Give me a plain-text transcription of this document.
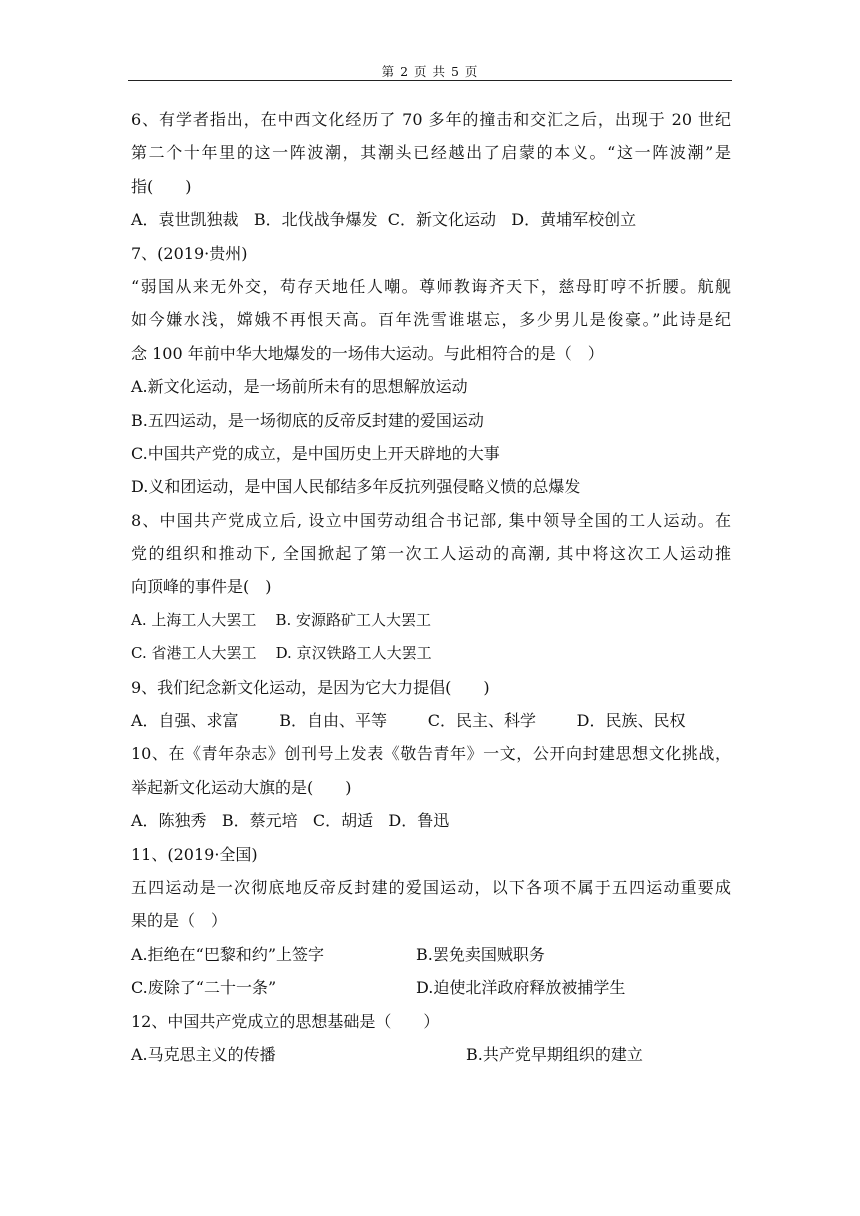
第 2 页 共 5 页
6、有学者指出，在中西文化经历了 70 多年的撞击和交汇之后，出现于 20 世纪
第二个十年里的这一阵波潮，其潮头已经越出了启蒙的本义。“这一阵波潮”是
指(　　)
A．袁世凯独裁 B．北伐战争爆发 C．新文化运动 D．黄埔军校创立
7、(2019·贵州)
“弱国从来无外交，苟存天地任人嘲。尊师教诲齐天下，慈母盯哼不折腰。航舰
如今嫌水浅，嫦娥不再恨天高。百年洗雪谁堪忘，多少男儿是俊豪。”此诗是纪
念 100 年前中华大地爆发的一场伟大运动。与此相符合的是（　）
A.新文化运动，是一场前所未有的思想解放运动
B.五四运动，是一场彻底的反帝反封建的爱国运动
C.中国共产党的成立，是中国历史上开天辟地的大事
D.义和团运动，是中国人民郁结多年反抗列强侵略义愤的总爆发
8、中国共产党成立后, 设立中国劳动组合书记部, 集中领导全国的工人运动。在
党的组织和推动下, 全国掀起了第一次工人运动的高潮, 其中将这次工人运动推
向顶峰的事件是(　)
A. 上海工人大罢工 B. 安源路矿工人大罢工
C. 省港工人大罢工 D. 京汉铁路工人大罢工
9、我们纪念新文化运动，是因为它大力提倡(　　)
A．自强、求富	B．自由、平等	C．民主、科学	D．民族、民权
10、在《青年杂志》创刊号上发表《敬告青年》一文，公开向封建思想文化挑战，
举起新文化运动大旗的是(　　)
A．陈独秀 B．蔡元培 C．胡适 D．鲁迅
11、(2019·全国)
五四运动是一次彻底地反帝反封建的爱国运动，以下各项不属于五四运动重要成
果的是（　）
A.拒绝在“巴黎和约”上签字	B.罢免卖国贼职务
C.废除了“二十一条”	D.迫使北洋政府释放被捕学生
12、中国共产党成立的思想基础是（　　）
A.马克思主义的传播	B.共产党早期组织的建立
